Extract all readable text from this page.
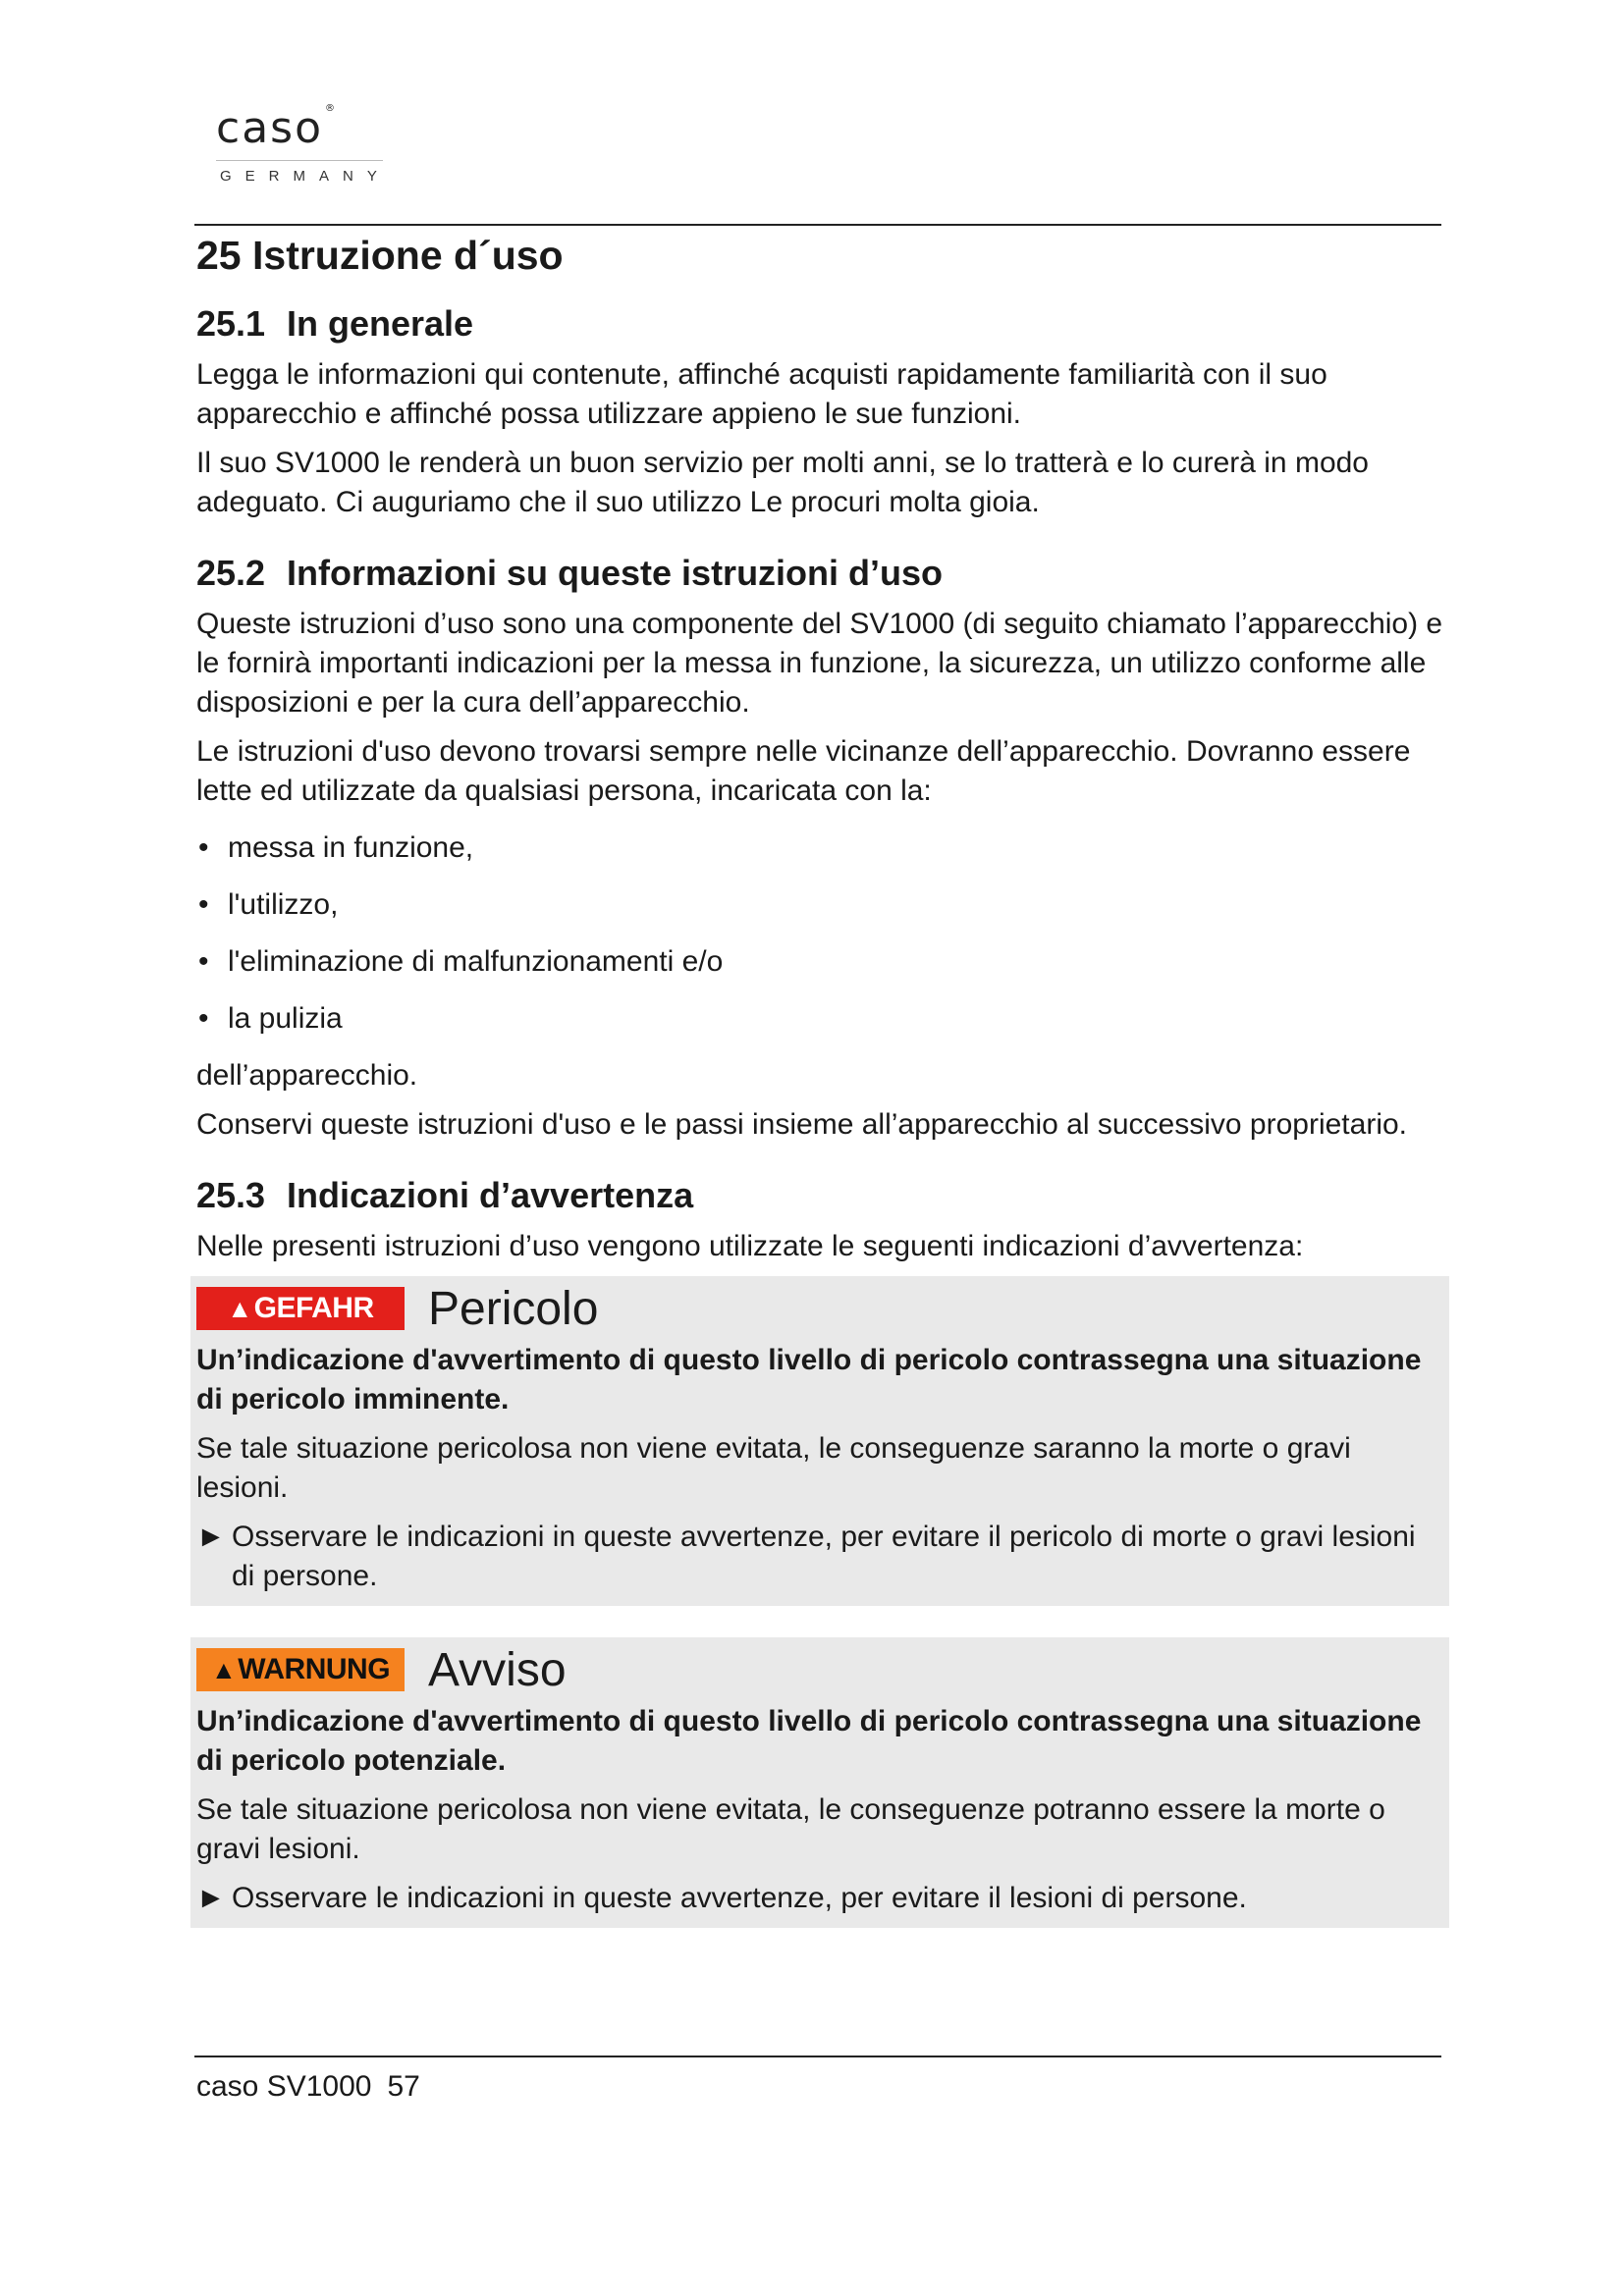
caso ®
GERMANY
25 Istruzione d´uso
25.1 In generale

Legga le informazioni qui contenute, affinché acquisti rapidamente familiarità con il suo apparecchio e affinché possa utilizzare appieno le sue funzioni.

Il suo SV1000 le renderà un buon servizio per molti anni, se lo tratterà e lo curerà in modo adeguato. Ci auguriamo che il suo utilizzo Le procuri molta gioia.

25.2 Informazioni su queste istruzioni d’uso

Queste istruzioni d’uso sono una componente del SV1000 (di seguito chiamato l’apparecchio) e le fornirà importanti indicazioni per la messa in funzione, la sicurezza, un utilizzo conforme alle disposizioni e per la cura dell’apparecchio.

Le istruzioni d'uso devono trovarsi sempre nelle vicinanze dell’apparecchio. Dovranno essere lette ed utilizzate da qualsiasi persona, incaricata con la:

• messa in funzione,
• l'utilizzo,
• l'eliminazione di malfunzionamenti e/o
• la pulizia

dell’apparecchio.

Conservi queste istruzioni d'uso e le passi insieme all’apparecchio al successivo proprietario.

25.3 Indicazioni d’avvertenza

Nelle presenti istruzioni d’uso vengono utilizzate le seguenti indicazioni d’avvertenza:

▲ GEFAHR Pericolo

Un’indicazione d'avvertimento di questo livello di pericolo contrassegna una situazione di pericolo imminente.

Se tale situazione pericolosa non viene evitata, le conseguenze saranno la morte o gravi lesioni.

► Osservare le indicazioni in queste avvertenze, per evitare il pericolo di morte o gravi lesioni di persone.
▲ WARNUNG Avviso

Un’indicazione d'avvertimento di questo livello di pericolo contrassegna una situazione di pericolo potenziale.

Se tale situazione pericolosa non viene evitata, le conseguenze potranno essere la morte o gravi lesioni.

► Osservare le indicazioni in queste avvertenze, per evitare il lesioni di persone.
caso SV1000 57
